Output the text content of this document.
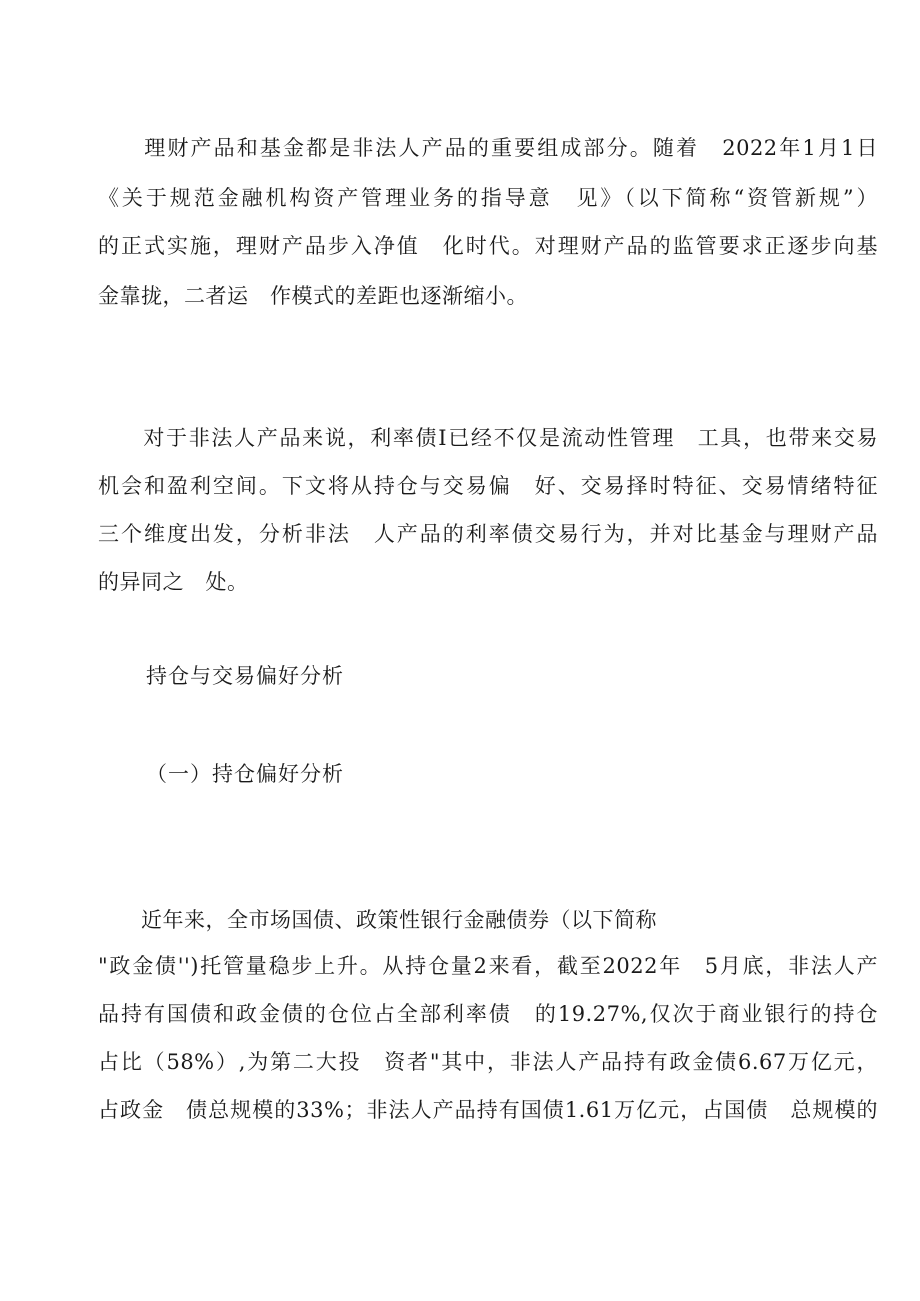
　　理财产品和基金都是非法人产品的重要组成部分。随着　2022年1月1日
《关于规范金融机构资产管理业务的指导意　见》（以下简称“资管新规”）
的正式实施，理财产品步入净值　化时代。对理财产品的监管要求正逐步向基
金靠拢，二者运　作模式的差距也逐渐缩小。
　　对于非法人产品来说，利率债I已经不仅是流动性管理　工具，也带来交易
机会和盈利空间。下文将从持仓与交易偏　好、交易择时特征、交易情绪特征
三个维度出发，分析非法　人产品的利率债交易行为，并对比基金与理财产品
的异同之　处。
持仓与交易偏好分析
（一）持仓偏好分析
　　近年来，全市场国债、政策性银行金融债券（以下简称
"政金债'')托管量稳步上升。从持仓量2来看，截至2022年　5月底，非法人产
品持有国债和政金债的仓位占全部利率债　的19.27%,仅次于商业银行的持仓
占比（58%）,为第二大投　资者"其中，非法人产品持有政金债6.67万亿元，
占政金　债总规模的33%；非法人产品持有国债1.61万亿元，占国债　总规模的
